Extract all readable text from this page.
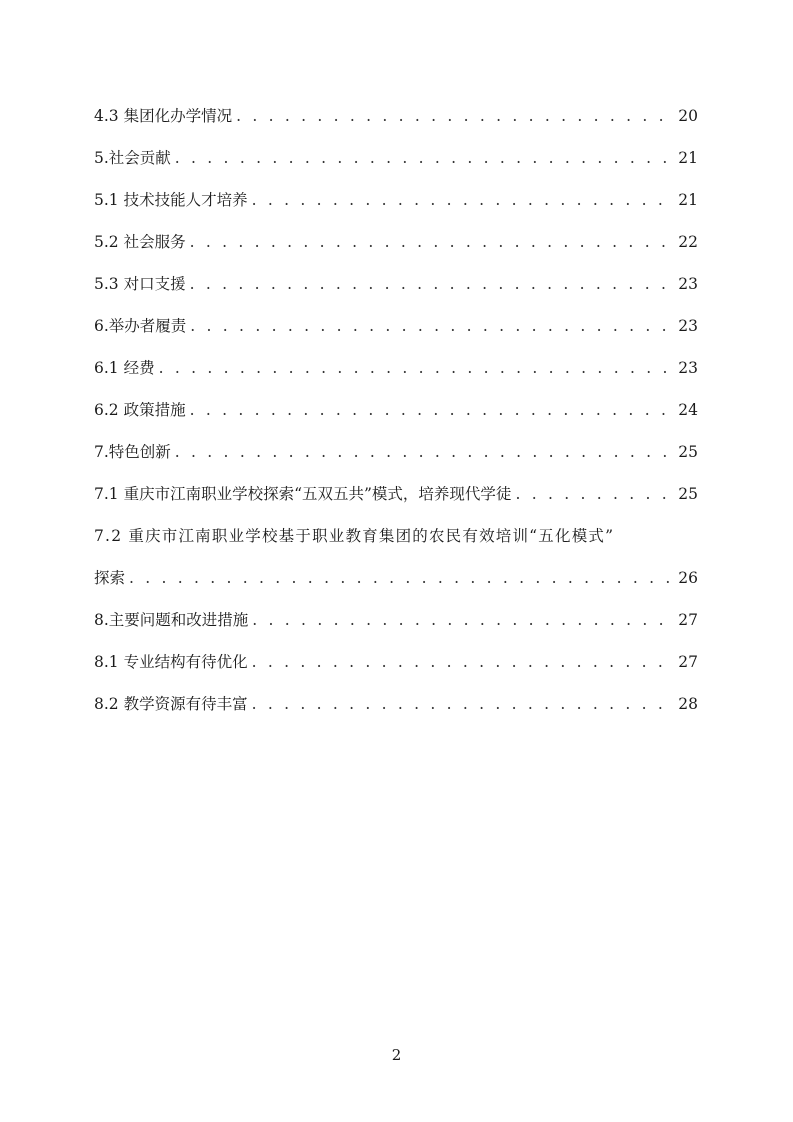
4.3 集团化办学情况 . . .	20
5.社会贡献 . . .	21
5.1 技术技能人才培养 . . .	21
5.2 社会服务 . . .	22
5.3 对口支援 . . .	23
6.举办者履责 . . .	23
6.1 经费 . . .	23
6.2 政策措施 . . .	24
7.特色创新 . . .	25
7.1 重庆市江南职业学校探索“五双五共”模式，培养现代学徒 . . .	25
7.2 重庆市江南职业学校基于职业教育集团的农民有效培训“五化模式”
探索 . . .	26
8.主要问题和改进措施 . . .	27
8.1 专业结构有待优化 . . .	27
8.2 教学资源有待丰富 . . .	28
2
